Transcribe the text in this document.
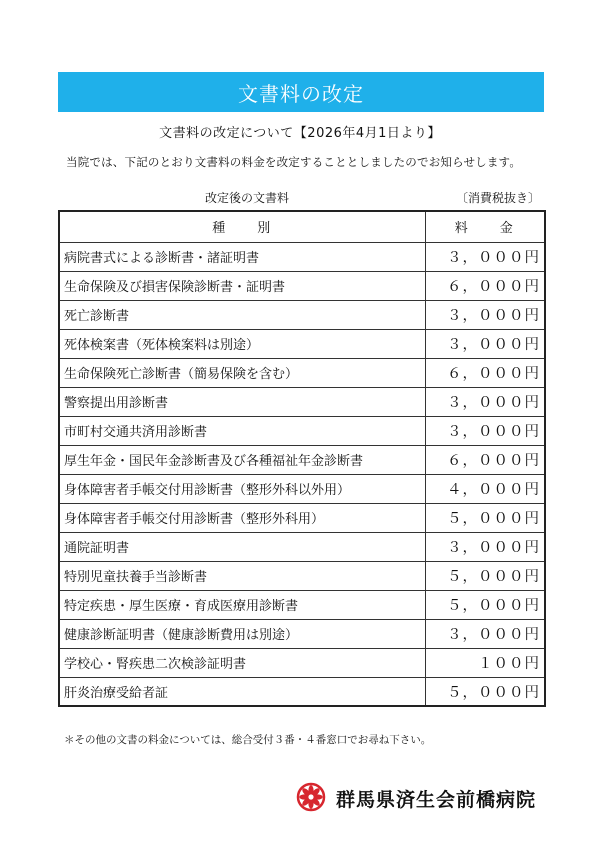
文書料の改定
文書料の改定について【2026年4月1日より】
当院では、下記のとおり文書料の料金を改定することとしましたのでお知らせします。
改定後の文書料	〔消費税抜き〕
種　　別	料　　金
病院書式による診断書・諸証明書	３，０００円
生命保険及び損害保険診断書・証明書	６，０００円
死亡診断書	３，０００円
死体検案書（死体検案料は別途）	３，０００円
生命保険死亡診断書（簡易保険を含む）	６，０００円
警察提出用診断書	３，０００円
市町村交通共済用診断書	３，０００円
厚生年金・国民年金診断書及び各種福祉年金診断書	６，０００円
身体障害者手帳交付用診断書（整形外科以外用）	４，０００円
身体障害者手帳交付用診断書（整形外科用）	５，０００円
通院証明書	３，０００円
特別児童扶養手当診断書	５，０００円
特定疾患・厚生医療・育成医療用診断書	５，０００円
健康診断証明書（健康診断費用は別途）	３，０００円
学校心・腎疾患二次検診証明書	１００円
肝炎治療受給者証	５，０００円
＊その他の文書の料金については、総合受付３番・４番窓口でお尋ね下さい。
群馬県済生会前橋病院
